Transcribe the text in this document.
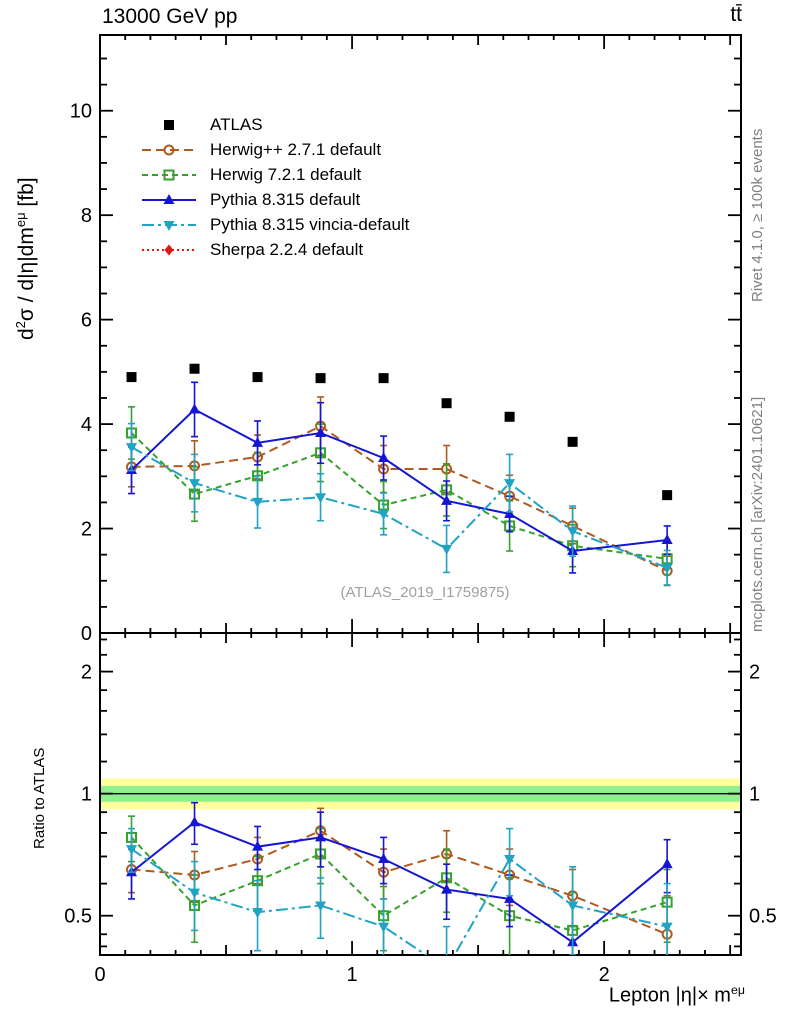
0	1	2
0
2
4
6
8
10
0.5	0.5
1	1
2	2
13000 GeV pp	tt̄
$d^2\sigma / d|\eta|dm^{e\mu}$ [fb]
Ratio to ATLAS
Lepton $|\eta|\times m^{e\mu}$
Rivet 4.1.0, ≥ 100k events
mcplots.cern.ch [arXiv:2401.10621]
(ATLAS_2019_I1759875)
ATLAS
Herwig++ 2.7.1 default
Herwig 7.2.1 default
Pythia 8.315 default
Pythia 8.315 vincia-default
Sherpa 2.2.4 default
